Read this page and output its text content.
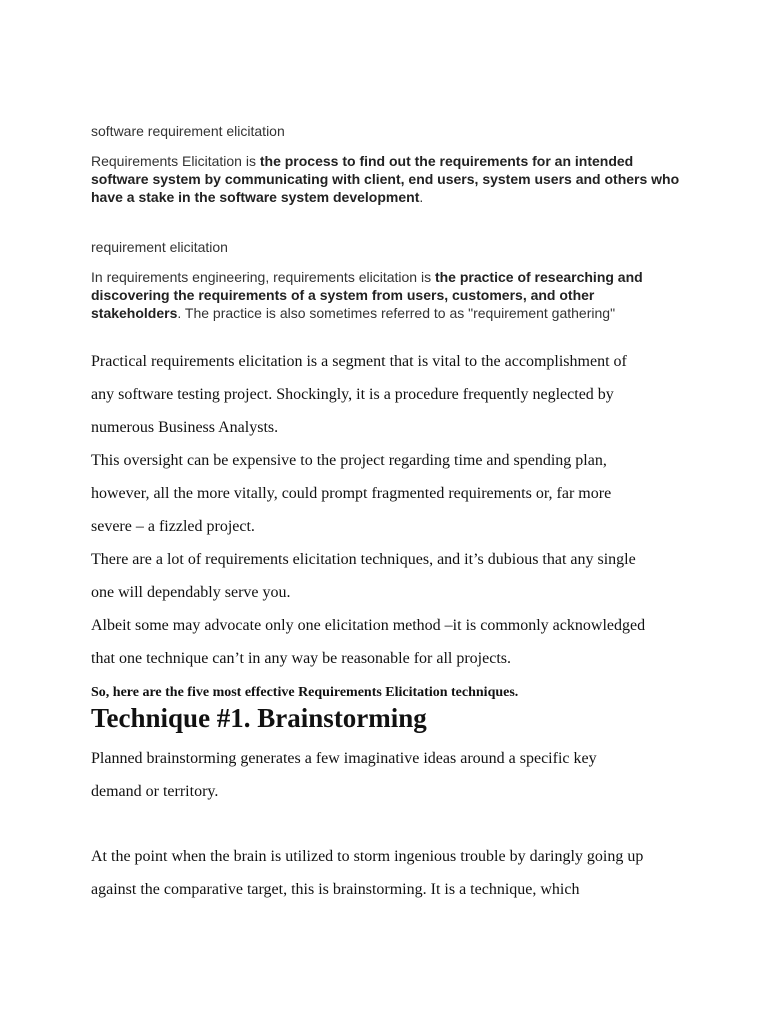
software requirement elicitation
Requirements Elicitation is the process to find out the requirements for an intended software system by communicating with client, end users, system users and others who have a stake in the software system development.
requirement elicitation
In requirements engineering, requirements elicitation is the practice of researching and discovering the requirements of a system from users, customers, and other stakeholders. The practice is also sometimes referred to as "requirement gathering"
Practical requirements elicitation is a segment that is vital to the accomplishment of
any software testing project. Shockingly, it is a procedure frequently neglected by
numerous Business Analysts.
This oversight can be expensive to the project regarding time and spending plan,
however, all the more vitally, could prompt fragmented requirements or, far more
severe – a fizzled project.
There are a lot of requirements elicitation techniques, and it’s dubious that any single
one will dependably serve you.
Albeit some may advocate only one elicitation method –it is commonly acknowledged
that one technique can’t in any way be reasonable for all projects.
So, here are the five most effective Requirements Elicitation techniques.
Technique #1. Brainstorming
Planned brainstorming generates a few imaginative ideas around a specific key
demand or territory.
At the point when the brain is utilized to storm ingenious trouble by daringly going up
against the comparative target, this is brainstorming. It is a technique, which
